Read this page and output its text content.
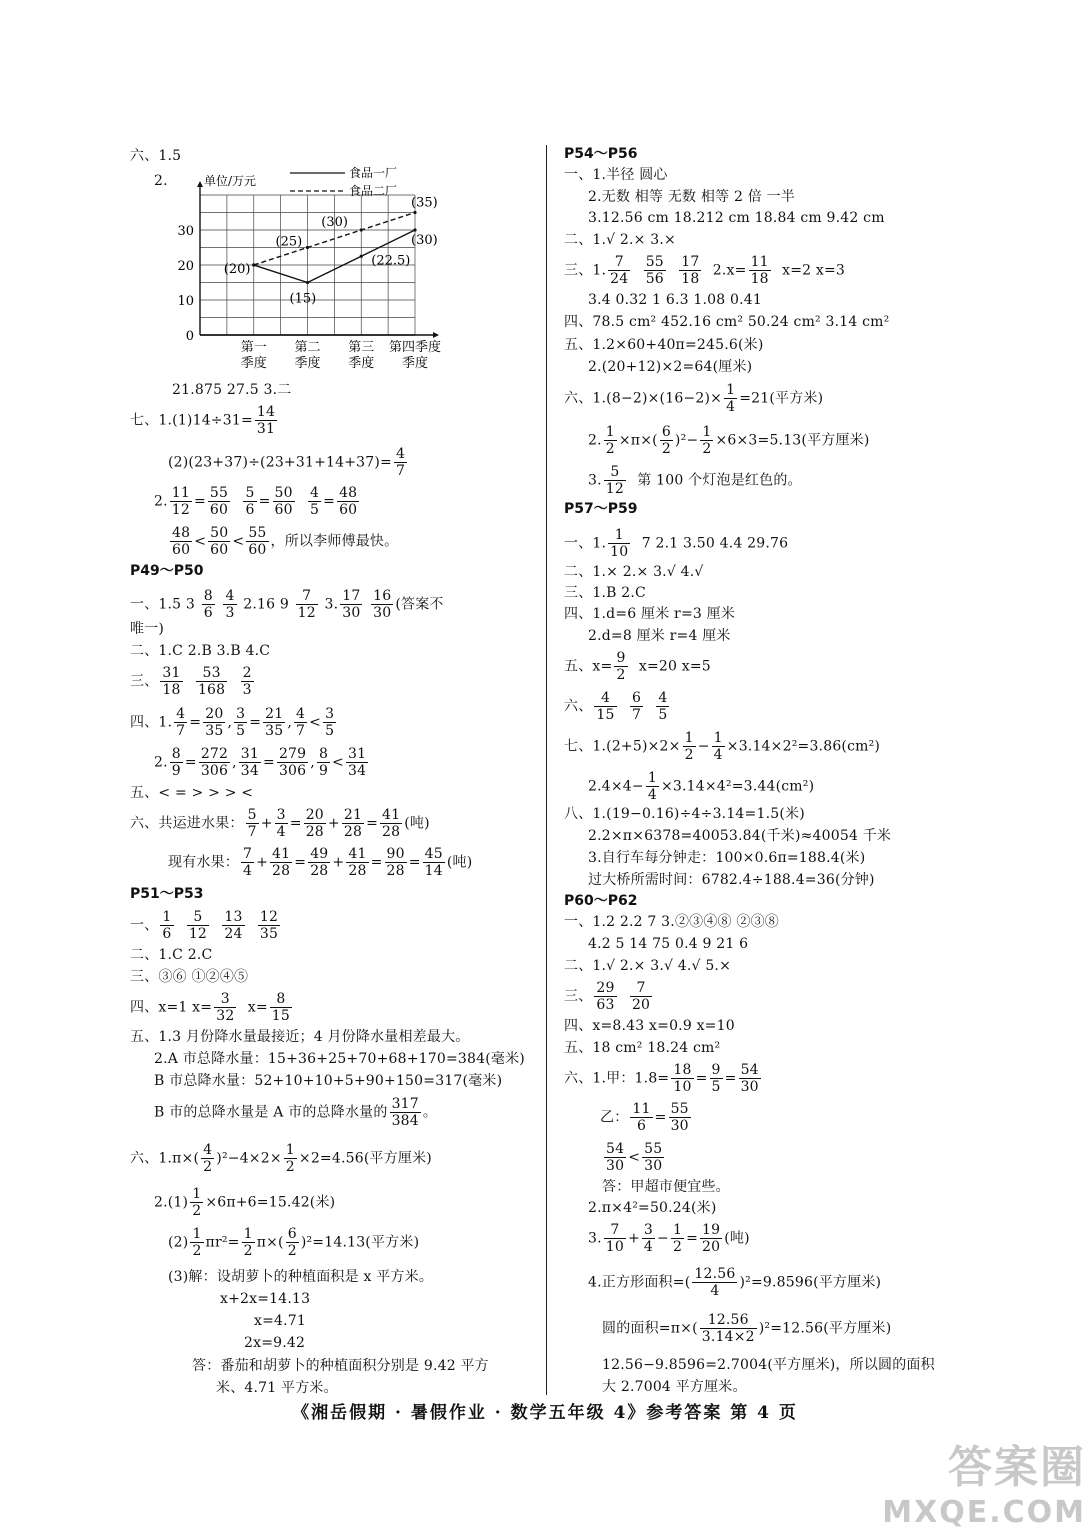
六、1.5
2.	单位/万元
0
10
20
30
第一
季度
第二
季度
第三
季度
第四季度
季度
食品一厂
(20)
(15)
(22.5)
(30)
食品二厂
(25)
(30)
(35)
21.875 27.5 3.二
七、$1.(1)14\div 31= \frac{14}{31}$
$(2)(23+37)\div(23+31+14+37)= \frac{4}{7}$
2. $\frac{11}{12} = \frac{55}{60}$
$\frac{5}{6} = \frac{50}{60}$
$\frac{4}{5} = \frac{48}{60}$
$\frac{48}{60} < \frac{50}{60} < \frac{55}{60}$ ，所以李师傅最快。
P49～P50
一、1.5 $3 \frac{8}{6}$
$\frac{4}{3} 2.16$ $9 \frac{7}{12} 3$. $\frac{17}{30}$
$\frac{16}{30}$ (答案不
唯一)
二、1.C 2.B 3.B 4.C
三、 $\frac{31}{18}$
$\frac{53}{168}$
$\frac{2}{3}$
四、1. $\frac{4}{7} = \frac{20}{35}$ , $\frac{3}{5} = \frac{21}{35}$ , $\frac{4}{7} < \frac{3}{5}$
2. $\frac{8}{9} = \frac{272}{306}$ , $\frac{31}{34} = \frac{279}{306}$ , $\frac{8}{9} < \frac{31}{34}$
五、< = > > > <
六、共运进水果： $\frac{5}{7} + \frac{3}{4} = \frac{20}{28} + \frac{21}{28} = \frac{41}{28}$ (吨)
现有水果： $\frac{7}{4} + \frac{41}{28} = \frac{49}{28} + \frac{41}{28} = \frac{90}{28} = \frac{45}{14}$ (吨)
P51～P53
一、 $\frac{1}{6}$
$\frac{5}{12}$
$\frac{13}{24}$
$\frac{12}{35}$
二、1.C 2.C
三、③⑥ ①②④⑤
四、x=1 $x= \frac{3}{32} x= \frac{8}{15}$
五、1.3 月份降水量最接近；4 月份降水量相差最大。
2.A 市总降水量：15+36+25+70+68+170=384(毫米)
B 市总降水量：52+10+10+5+90+150=317(毫米)
B 市的总降水量是 A 市的总降水量的 $\frac{317}{384}$ 。
六、$1.\pi\times( \frac{4}{2} )^2-4\times 2\times \frac{1}{2} \times 2=4.56$(平方厘米)
$2.(1) \frac{1}{2} \times 6\pi+6=15.42$(米)
$(2) \frac{1}{2} \pi r^2= \frac{1}{2} \pi\times( \frac{6}{2} )^2=14.13$(平方米)
(3)解：设胡萝卜的种植面积是 x 平方米。
x+2x=14.13
x=4.71
2x=9.42
答：番茄和胡萝卜的种植面积分别是 9.42 平方
米、4.71 平方米。
P54～P56
一、1.半径 圆心
2.无数 相等 无数 相等 2 倍 一半
3.12.56 cm 18.212 cm 18.84 cm 9.42 cm
二、1.√ 2.× 3.×
三、1. $\frac{7}{24}$
$\frac{55}{56}$
$\frac{17}{18} 2.x= \frac{11}{18} x=2$ x=3
3.4 0.32 1 6.3 1.08 0.41
四、78.5 cm² 452.16 cm² 50.24 cm² 3.14 cm²
五、1.2×60+40π=245.6(米)
2.(20+12)×2=64(厘米)
六、$1.(8-2)\times(16-2)\times \frac{1}{4} =21$(平方米)
2. $\frac{1}{2} \times\pi\times( \frac{6}{2} )^2- \frac{1}{2} \times 6\times 3=5.13$(平方厘米)
3. $\frac{5}{12}$ 第 100 个灯泡是红色的。
P57～P59
一、1. $\frac{1}{10} 7$ 2.1 3.50 4.4 29.76
二、1.× 2.× 3.√ 4.√
三、1.B 2.C
四、1.d=6 厘米 r=3 厘米
2.d=8 厘米 r=4 厘米
五、$x= \frac{9}{2} x=20$ x=5
六、 $\frac{4}{15}$
$\frac{6}{7}$
$\frac{4}{5}$
七、$1.(2+5)\times 2\times \frac{1}{2} - \frac{1}{4} \times 3.14\times 2^2=3.86(cm^2)$
$2.4\times 4- \frac{1}{4} \times 3.14\times 4^2=3.44(cm^2)$
八、1.(19−0.16)÷4÷3.14=1.5(米)
2.2×π×6378=40053.84(千米)≈40054 千米
3.自行车每分钟走：100×0.6π=188.4(米)
过大桥所需时间：6782.4÷188.4=36(分钟)
P60～P62
一、1.2 2.2 7 3.②③④⑧ ②③⑧
4.2 5 14 75 0.4 9 21 6
二、1.√ 2.× 3.√ 4.√ 5.×
三、 $\frac{29}{63}$
$\frac{7}{20}$
四、x=8.43 x=0.9 x=10
五、18 cm² 18.24 cm²
六、1.甲：$1.8= \frac{18}{10} = \frac{9}{5} = \frac{54}{30}$
乙： $\frac{11}{6} = \frac{55}{30}$
$\frac{54}{30} < \frac{55}{30}$
答：甲超市便宜些。
2.π×4²=50.24(米)
3. $\frac{7}{10} + \frac{3}{4} - \frac{1}{2} = \frac{19}{20}$ (吨)
4.正方形面积=( $\frac{12.56}{4} )^2=9.8596$(平方厘米)
圆的面积$=\pi\times( \frac{12.56}{3.14\times 2} )^2=12.56$(平方厘米)
12.56−9.8596=2.7004(平方厘米)，所以圆的面积
大 2.7004 平方厘米。
《湘岳假期 · 暑假作业 · 数学五年级 4》参考答案 第 4 页
答案圈
MXQE.COM
